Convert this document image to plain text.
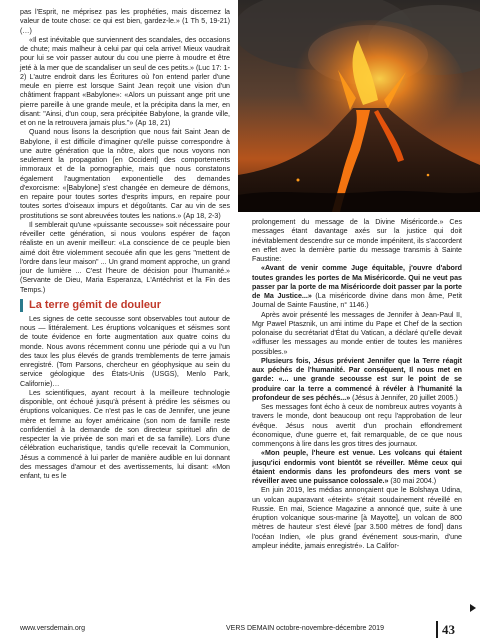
pas l'Esprit, ne méprisez pas les prophéties, mais discernez la valeur de toute chose: ce qui est bien, gardez-le.» (1 Th 5, 19-21) (…)

«Il est inévitable que surviennent des scandales, des occasions de chute; mais malheur à celui par qui cela arrive! Mieux vaudrait pour lui se voir passer autour du cou une pierre à moudre et être jeté à la mer que de scandaliser un seul de ces petits.» (Luc 17: 1-2) L'autre endroit dans les Écritures où l'on entend parler d'une meule en pierre est lorsque Saint Jean reçoit une vision d'un châtiment frappant «Babylone»: «Alors un puissant ange prit une pierre pareille à une grande meule, et la précipita dans la mer, en disant: "Ainsi, d'un coup, sera précipitée Babylone, la grande ville, et on ne la retrouvera jamais plus."» (Ap 18, 21)

Quand nous lisons la description que nous fait Saint Jean de Babylone, il est difficile d'imaginer qu'elle puisse correspondre à une autre génération que la nôtre, alors que nous voyons non seulement la propagation [en Occident] des comportements immoraux et de la pornographie, mais que nous constatons également l'augmentation exponentielle des demandes d'exorcisme: «[Babylone] s'est changée en demeure de démons, en repaire pour toutes sortes d'esprits impurs, en repaire pour toutes sortes d'oiseaux impurs et dégoûtants. Car au vin de ses prostitutions se sont abreuvées toutes les nations.» (Ap 18, 2-3)

Il semblerait qu'une «puissante secousse» soit nécessaire pour réveiller cette génération, si nous voulons espérer de façon réaliste en un avenir meilleur: «La conscience de ce peuple bien aimé doit être violemment secouée afin que les gens "mettent de l'ordre dans leur maison" ... Un grand moment approche, un grand jour de lumière ... C'est l'heure de décision pour l'humanité.» (Servante de Dieu, Maria Esperanza, L'Antéchrist et la Fin des Temps.)

La terre gémit de douleur

Les signes de cette secousse sont observables tout autour de nous — littéralement. Les éruptions volcaniques et séismes sont de toute évidence en forte augmentation aux quatre coins du monde. Nous avons récemment connu une période qui a vu l'un des taux les plus élevés de grands tremblements de terre jamais enregistré. (Tom Parsons, chercheur en géophysique au sein du service géologique des États-Unis (USGS), Menlo Park, Californie)…

Les scientifiques, ayant recourt à la meilleure technologie disponible, ont échoué jusqu'à présent à prédire les séismes ou éruptions volcaniques. Ce n'est pas le cas de Jennifer, une jeune mère et femme au foyer américaine (son nom de famille reste confidentiel à la demande de son directeur spirituel afin de respecter la vie privée de son mari et de sa famille). Lors d'une célébration eucharistique, tandis qu'elle recevait la Communion, Jésus a commencé à lui parler de manière audible en lui donnant des messages d'amour et des avertissements, lui disant: «Mon enfant, tu es le

prolongement du message de la Divine Miséricorde.» Ces messages étant davantage axés sur la justice qui doit inévitablement descendre sur ce monde impénitent, ils s'accordent en effet avec la dernière partie du message transmis à Sainte Faustine:

«Avant de venir comme Juge équitable, j'ouvre d'abord toutes grandes les portes de Ma Miséricorde. Qui ne veut pas passer par la porte de ma Miséricorde doit passer par la porte de Ma Justice...» (La miséricorde divine dans mon âme, Petit Journal de Sainte Faustine, n° 1146.)

Après avoir présenté les messages de Jennifer à Jean-Paul II, Mgr Pawel Ptasznik, un ami intime du Pape et Chef de la section polonaise du secrétariat d'État du Vatican, a déclaré qu'elle devait «diffuser les messages au monde entier de toutes les manières possibles.»

Plusieurs fois, Jésus prévient Jennifer que la Terre réagit aux péchés de l'humanité. Par conséquent, Il nous met en garde: «... une grande secousse est sur le point de se produire car la terre a commencé à révéler à l'humanité la profondeur de ses péchés...» (Jésus à Jennifer, 20 juillet 2005.)

Ses messages font écho à ceux de nombreux autres voyants à travers le monde, dont beaucoup ont reçu l'approbation de leur évêque. Jésus nous avertit d'un prochain effondrement économique, d'une guerre et, fait remarquable, de ce que nous commençons à lire dans les gros titres des journaux.

«Mon peuple, l'heure est venue. Les volcans qui étaient jusqu'ici endormis vont bientôt se réveiller. Même ceux qui étaient endormis dans les profondeurs des mers vont se réveiller avec une puissance colossale.» (30 mai 2004.)

En juin 2019, les médias annonçaient que le Bolshaya Udina, un volcan auparavant «éteint» s'était soudainement réveillé en Russie. En mai, Science Magazine a annoncé que, suite à une éruption volcanique sous-marine [à Mayotte], un volcan de 800 mètres de hauteur s'est élevé [par 3.500 mètres de fond] dans l'océan Indien, «le plus grand événement sous-marin, d'une ampleur inédite, jamais enregistré». La Califor-

www.versdemain.org	VERS DEMAIN octobre-novembre-décembre 2019	43
